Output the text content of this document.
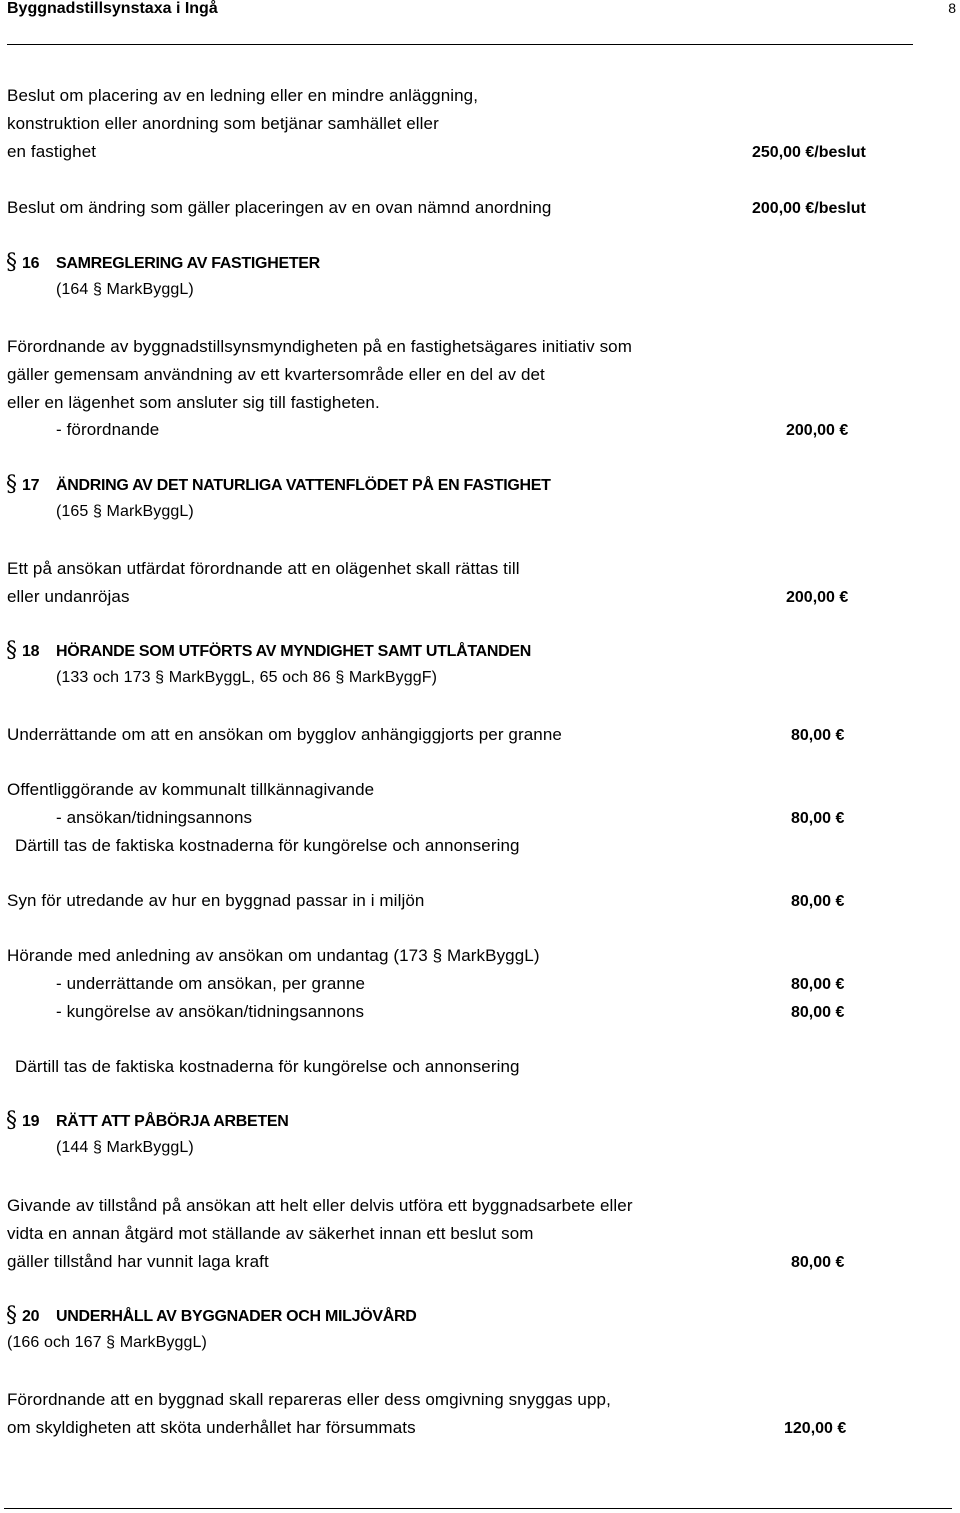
Byggnadstillsynstaxa i Ingå	8
Beslut om placering av en ledning eller en mindre anläggning,
konstruktion eller anordning som betjänar samhället eller
en fastighet	250,00 €/beslut
Beslut om ändring som gäller placeringen av en ovan nämnd anordning	200,00 €/beslut
§ 16 SAMREGLERING AV FASTIGHETER
(164 § MarkByggL)
Förordnande av byggnadstillsynsmyndigheten på en fastighetsägares initiativ som
gäller gemensam användning av ett kvartersområde eller en del av det
eller en lägenhet som ansluter sig till fastigheten.
- förordnande	200,00 €
§ 17 ÄNDRING AV DET NATURLIGA VATTENFLÖDET PÅ EN FASTIGHET
(165 § MarkByggL)
Ett på ansökan utfärdat förordnande att en olägenhet skall rättas till
eller undanröjas	200,00 €
§ 18 HÖRANDE SOM UTFÖRTS AV MYNDIGHET SAMT UTLÅTANDEN
(133 och 173 § MarkByggL, 65 och 86 § MarkByggF)
Underrättande om att en ansökan om bygglov anhängiggjorts per granne	80,00 €
Offentliggörande av kommunalt tillkännagivande
- ansökan/tidningsannons	80,00 €
Därtill tas de faktiska kostnaderna för kungörelse och annonsering
Syn för utredande av hur en byggnad passar in i miljön	80,00 €
Hörande med anledning av ansökan om undantag (173 § MarkByggL)
- underrättande om ansökan, per granne	80,00 €
- kungörelse av ansökan/tidningsannons	80,00 €
Därtill tas de faktiska kostnaderna för kungörelse och annonsering
§ 19 RÄTT ATT PÅBÖRJA ARBETEN
(144 § MarkByggL)
Givande av tillstånd på ansökan att helt eller delvis utföra ett byggnadsarbete eller
vidta en annan åtgärd mot ställande av säkerhet innan ett beslut som
gäller tillstånd har vunnit laga kraft	80,00 €
§ 20 UNDERHÅLL AV BYGGNADER OCH MILJÖVÅRD
(166 och 167 § MarkByggL)
Förordnande att en byggnad skall repareras eller dess omgivning snyggas upp,
om skyldigheten att sköta underhållet har försummats	120,00 €
